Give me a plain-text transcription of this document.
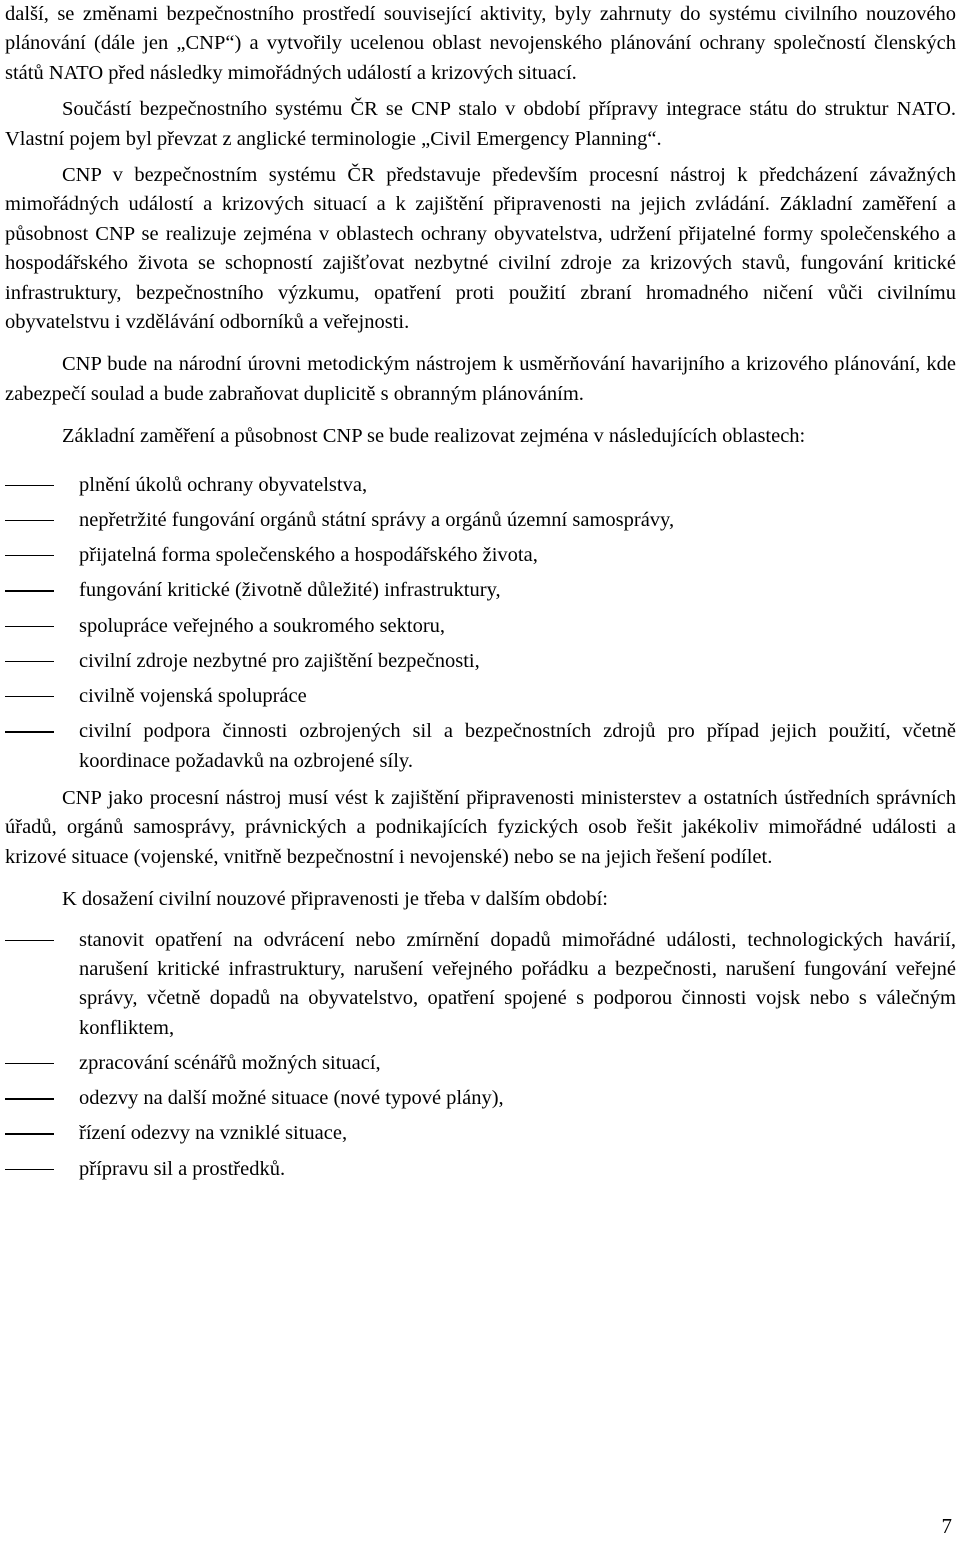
další, se změnami bezpečnostního prostředí související aktivity, byly zahrnuty do systému civilního nouzového plánování (dále jen „CNP“) a vytvořily ucelenou oblast nevojenského plánování ochrany společností členských států NATO před následky mimořádných událostí a krizových situací.

Součástí bezpečnostního systému ČR se CNP stalo v období přípravy integrace státu do struktur NATO. Vlastní pojem byl převzat z anglické terminologie „Civil Emergency Planning“.

CNP v bezpečnostním systému ČR představuje především procesní nástroj k předcházení závažných mimořádných událostí a krizových situací a k zajištění připravenosti na jejich zvládání. Základní zaměření a působnost CNP se realizuje zejména v oblastech ochrany obyvatelstva, udržení přijatelné formy společenského a hospodářského života se schopností zajišťovat nezbytné civilní zdroje za krizových stavů, fungování kritické infrastruktury, bezpečnostního výzkumu, opatření proti použití zbraní hromadného ničení vůči civilnímu obyvatelstvu i vzdělávání odborníků a veřejnosti.

CNP bude na národní úrovni metodickým nástrojem k usměrňování havarijního a krizového plánování, kde zabezpečí soulad a bude zabraňovat duplicitě s obranným plánováním.

Základní zaměření a působnost CNP se bude realizovat zejména v následujících oblastech:

plnění úkolů ochrany obyvatelstva,
nepřetržité fungování orgánů státní správy a orgánů územní samosprávy,
přijatelná forma společenského a hospodářského života,
fungování kritické (životně důležité) infrastruktury,
spolupráce veřejného a soukromého sektoru,
civilní zdroje nezbytné pro zajištění bezpečnosti,
civilně vojenská spolupráce
civilní podpora činnosti ozbrojených sil a bezpečnostních zdrojů pro případ jejich použití, včetně koordinace požadavků na ozbrojené síly.

CNP jako procesní nástroj musí vést k zajištění připravenosti ministerstev a ostatních ústředních správních úřadů, orgánů samosprávy, právnických a podnikajících fyzických osob řešit jakékoliv mimořádné události a krizové situace (vojenské, vnitřně bezpečnostní i nevojenské) nebo se na jejich řešení podílet.

K dosažení civilní nouzové připravenosti je třeba v dalším období:

stanovit opatření na odvrácení nebo zmírnění dopadů mimořádné události, technologických havárií, narušení kritické infrastruktury, narušení veřejného pořádku a bezpečnosti, narušení fungování veřejné správy, včetně dopadů na obyvatelstvo, opatření spojené s podporou činnosti vojsk nebo s válečným konfliktem,
zpracování scénářů možných situací,
odezvy na další možné situace (nové typové plány),
řízení odezvy na vzniklé situace,
přípravu sil a prostředků.
7
